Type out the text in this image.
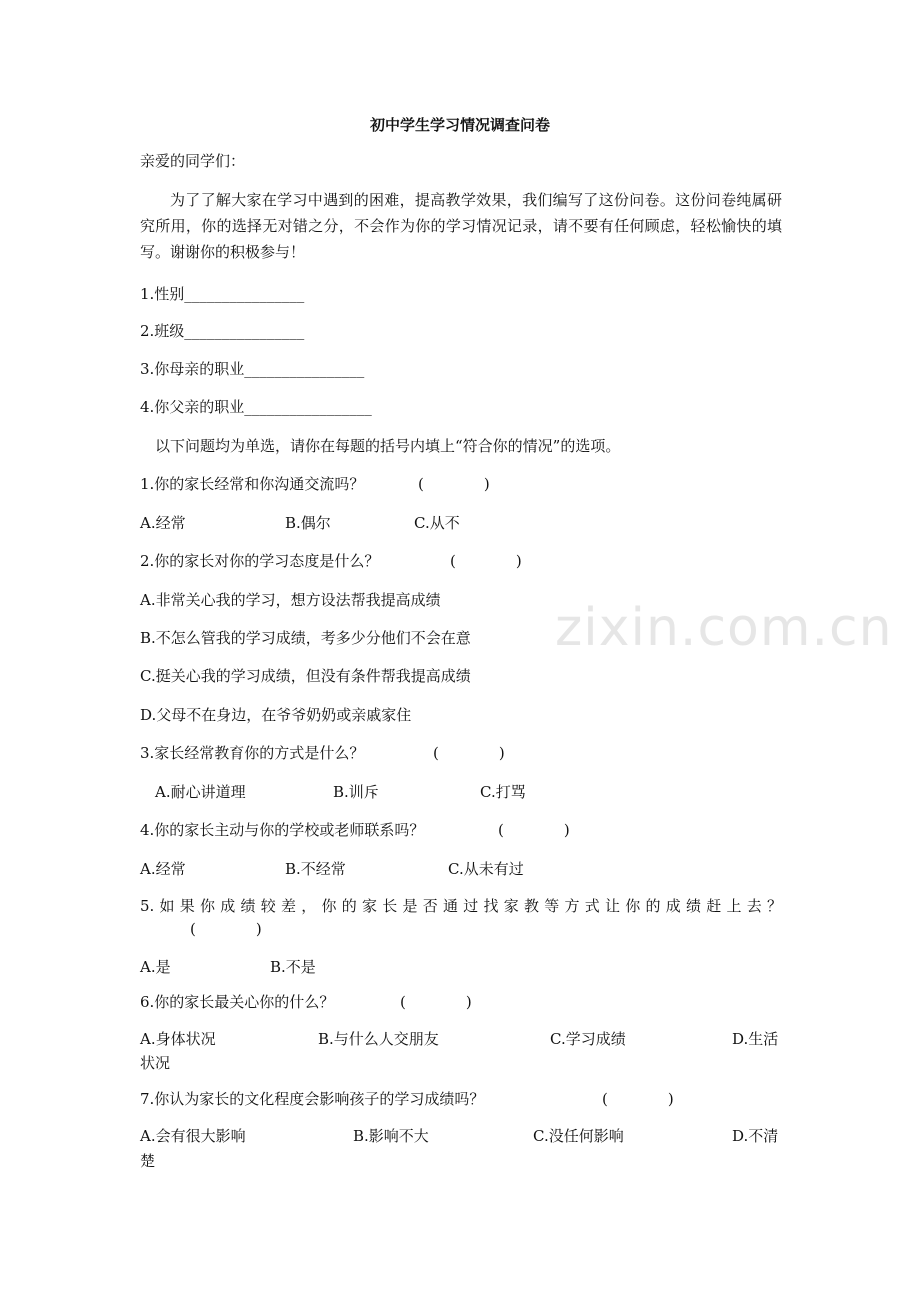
zixin.com.cn
初中学生学习情况调查问卷
亲爱的同学们：
为了了解大家在学习中遇到的困难，提高教学效果，我们编写了这份问卷。这份问卷纯属研究所用，你的选择无对错之分，不会作为你的学习情况记录，请不要有任何顾虑，轻松愉快的填写。谢谢你的积极参与！
1.性别________________
2.班级________________
3.你母亲的职业________________
4.你父亲的职业_________________
以下问题均为单选，请你在每题的括号内填上“符合你的情况”的选项。
1.你的家长经常和你沟通交流吗？	(　　　　)
A.经常	B.偶尔	C.从不
2.你的家长对你的学习态度是什么？	(　　　　)
A.非常关心我的学习，想方设法帮我提高成绩
B.不怎么管我的学习成绩，考多少分他们不会在意
C.挺关心我的学习成绩，但没有条件帮我提高成绩
D.父母不在身边，在爷爷奶奶或亲戚家住
3.家长经常教育你的方式是什么？	(　　　　)
A.耐心讲道理	B.训斥	C.打骂
4.你的家长主动与你的学校或老师联系吗？	(　　　　)
A.经常	B.不经常	C.从未有过
5.如果你成绩较差，你的家长是否通过找家教等方式让你的成绩赶上去？
(　　　　)
A.是	B.不是
6.你的家长最关心你的什么？	(　　　　)
A.身体状况	B.与什么人交朋友	C.学习成绩	D.生活
状况
7.你认为家长的文化程度会影响孩子的学习成绩吗？	(　　　　)
A.会有很大影响	B.影响不大	C.没任何影响	D.不清
楚
